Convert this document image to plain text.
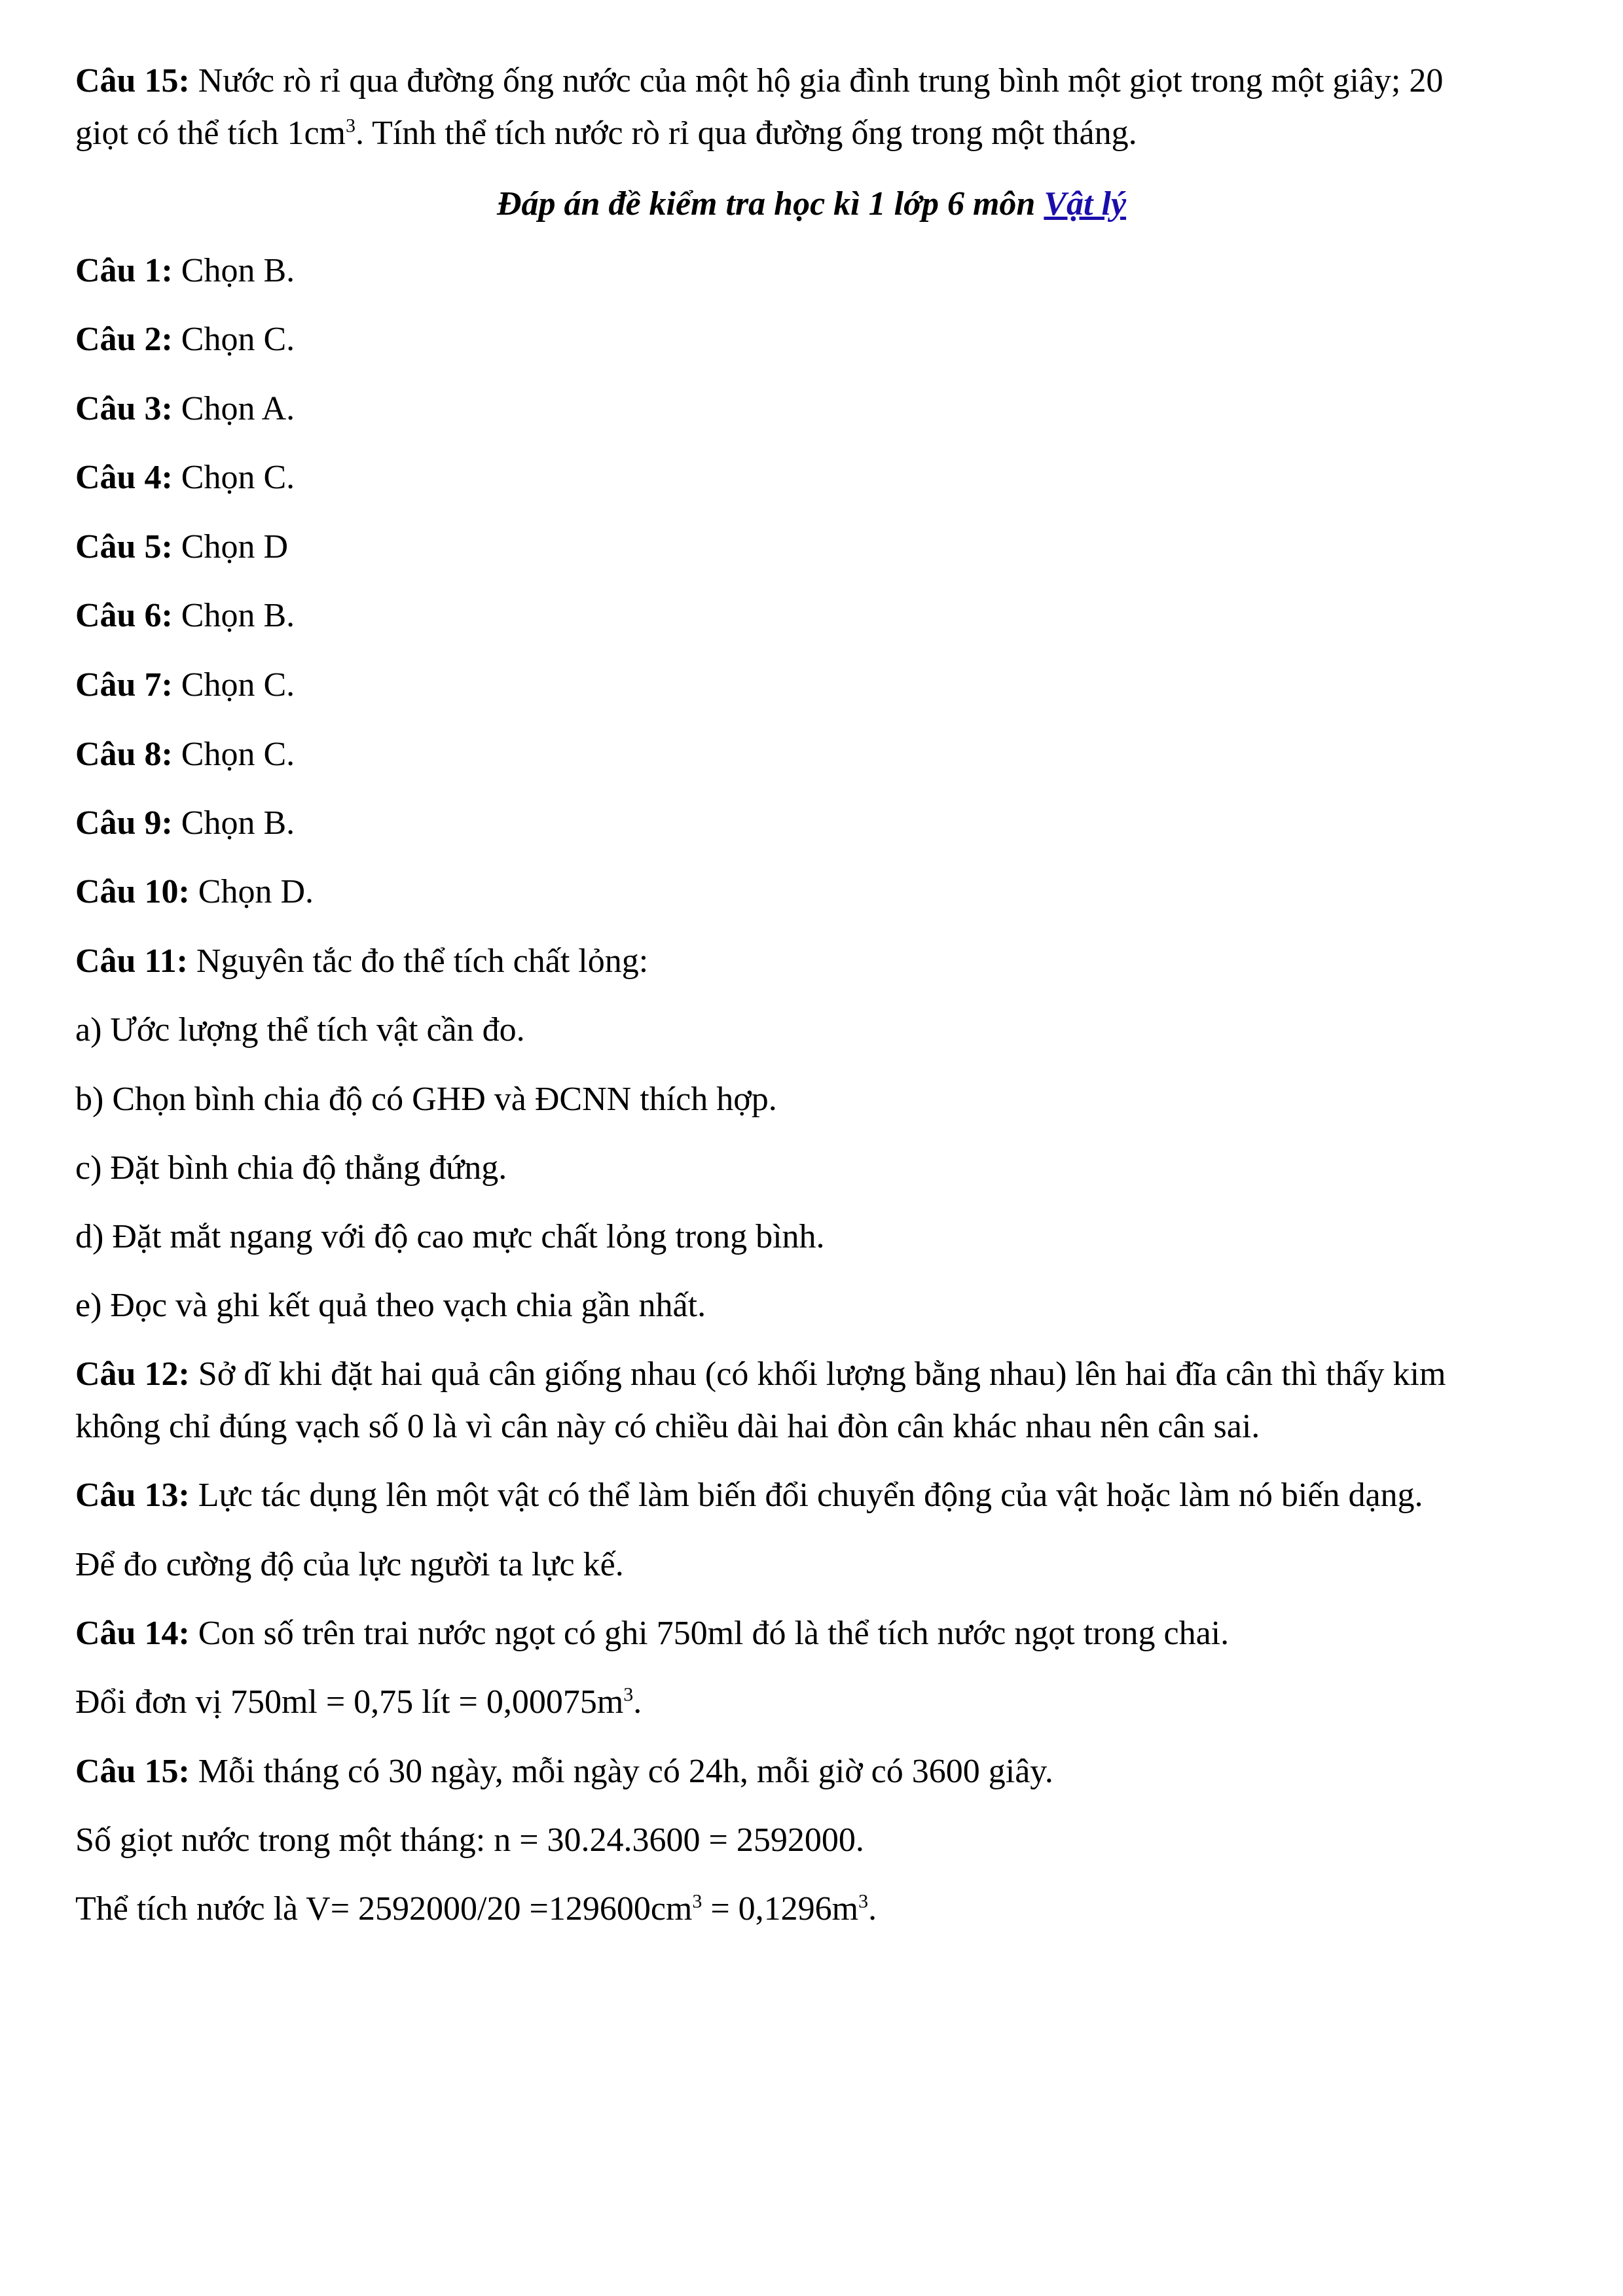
Câu 15: Nước rò rỉ qua đường ống nước của một hộ gia đình trung bình một giọt trong một giây; 20
giọt có thể tích $1cm^3$. Tính thể tích nước rò rỉ qua đường ống trong một tháng.
Đáp án đề kiểm tra học kì 1 lớp 6 môn Vật lý
Câu 1: Chọn B.
Câu 2: Chọn C.
Câu 3: Chọn A.
Câu 4: Chọn C.
Câu 5: Chọn D
Câu 6: Chọn B.
Câu 7: Chọn C.
Câu 8: Chọn C.
Câu 9: Chọn B.
Câu 10: Chọn D.
Câu 11: Nguyên tắc đo thể tích chất lỏng:
a) Ước lượng thể tích vật cần đo.
b) Chọn bình chia độ có GHĐ và ĐCNN thích hợp.
c) Đặt bình chia độ thẳng đứng.
d) Đặt mắt ngang với độ cao mực chất lỏng trong bình.
e) Đọc và ghi kết quả theo vạch chia gần nhất.
Câu 12: Sở dĩ khi đặt hai quả cân giống nhau (có khối lượng bằng nhau) lên hai đĩa cân thì thấy kim
không chỉ đúng vạch số 0 là vì cân này có chiều dài hai đòn cân khác nhau nên cân sai.
Câu 13: Lực tác dụng lên một vật có thể làm biến đổi chuyển động của vật hoặc làm nó biến dạng.
Để đo cường độ của lực người ta lực kế.
Câu 14: Con số trên trai nước ngọt có ghi 750ml đó là thể tích nước ngọt trong chai.
Đổi đơn vị 750ml = 0,75 lít = $0,00075m^3$.
Câu 15: Mỗi tháng có 30 ngày, mỗi ngày có 24h, mỗi giờ có 3600 giây.
Số giọt nước trong một tháng: n = 30.24.3600 = 2592000.
Thể tích nước là $V= 2592000/20 =129600cm^3 = 0,1296m^3$.
